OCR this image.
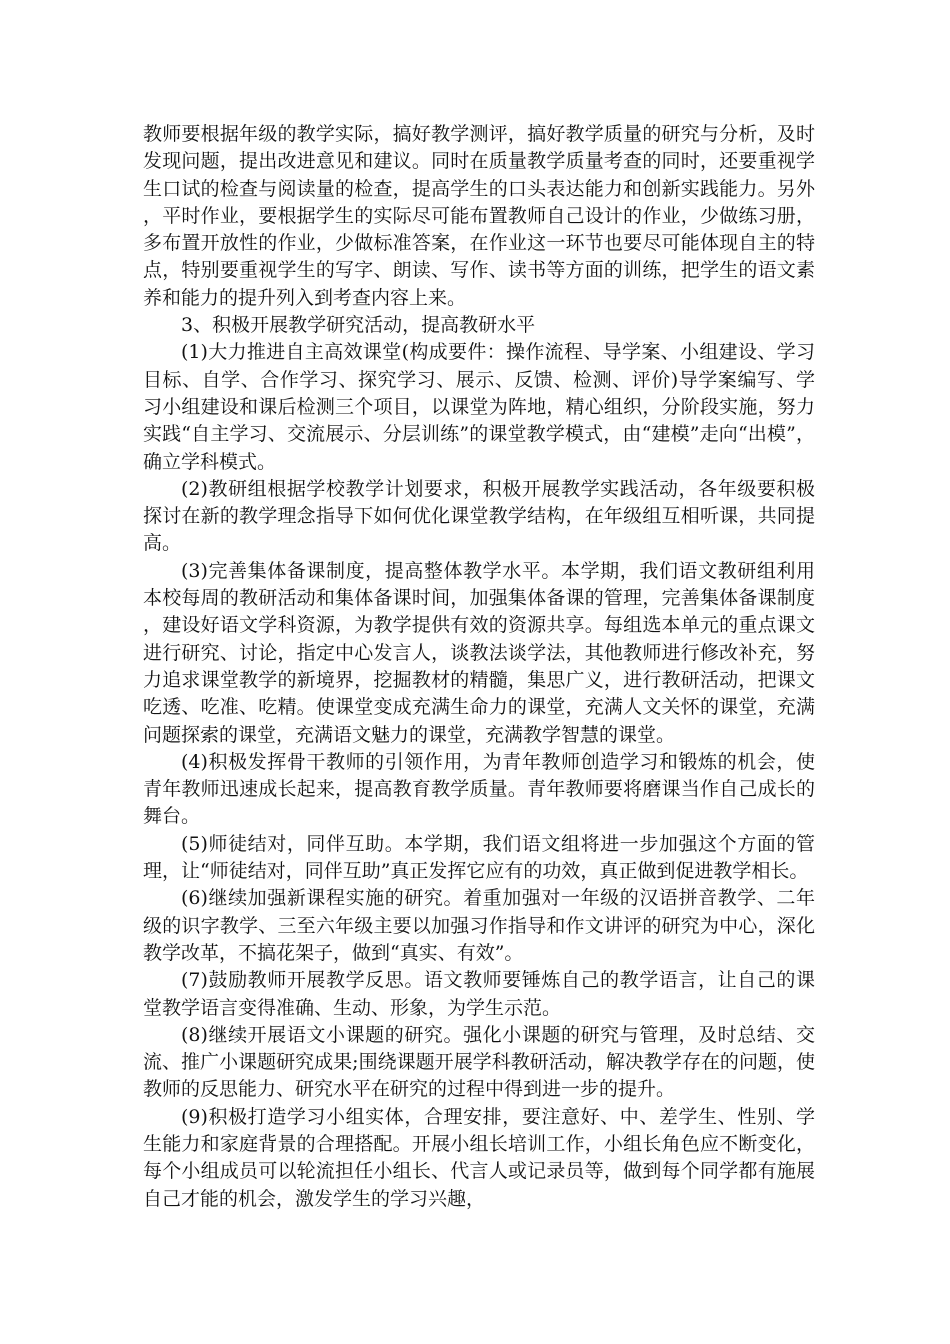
教师要根据年级的教学实际，搞好教学测评，搞好教学质量的研究与分析，及时发现问题，提出改进意见和建议。同时在质量教学质量考查的同时，还要重视学生口试的检查与阅读量的检查，提高学生的口头表达能力和创新实践能力。另外，平时作业，要根据学生的实际尽可能布置教师自己设计的作业，少做练习册，多布置开放性的作业，少做标准答案，在作业这一环节也要尽可能体现自主的特点，特别要重视学生的写字、朗读、写作、读书等方面的训练，把学生的语文素养和能力的提升列入到考查内容上来。

3、积极开展教学研究活动，提高教研水平

(1)大力推进自主高效课堂(构成要件：操作流程、导学案、小组建设、学习目标、自学、合作学习、探究学习、展示、反馈、检测、评价)导学案编写、学习小组建设和课后检测三个项目，以课堂为阵地，精心组织，分阶段实施，努力实践“自主学习、交流展示、分层训练”的课堂教学模式，由“建模”走向“出模”，确立学科模式。

(2)教研组根据学校教学计划要求，积极开展教学实践活动，各年级要积极探讨在新的教学理念指导下如何优化课堂教学结构，在年级组互相听课，共同提高。

(3)完善集体备课制度，提高整体教学水平。本学期，我们语文教研组利用本校每周的教研活动和集体备课时间，加强集体备课的管理，完善集体备课制度，建设好语文学科资源，为教学提供有效的资源共享。每组选本单元的重点课文进行研究、讨论，指定中心发言人，谈教法谈学法，其他教师进行修改补充，努力追求课堂教学的新境界，挖掘教材的精髓，集思广义，进行教研活动，把课文吃透、吃准、吃精。使课堂变成充满生命力的课堂，充满人文关怀的课堂，充满问题探索的课堂，充满语文魅力的课堂，充满教学智慧的课堂。

(4)积极发挥骨干教师的引领作用，为青年教师创造学习和锻炼的机会，使青年教师迅速成长起来，提高教育教学质量。青年教师要将磨课当作自己成长的舞台。

(5)师徒结对，同伴互助。本学期，我们语文组将进一步加强这个方面的管理，让“师徒结对，同伴互助”真正发挥它应有的功效，真正做到促进教学相长。

(6)继续加强新课程实施的研究。着重加强对一年级的汉语拼音教学、二年级的识字教学、三至六年级主要以加强习作指导和作文讲评的研究为中心，深化教学改革，不搞花架子，做到“真实、有效”。

(7)鼓励教师开展教学反思。语文教师要锤炼自己的教学语言，让自己的课堂教学语言变得准确、生动、形象，为学生示范。

(8)继续开展语文小课题的研究。强化小课题的研究与管理，及时总结、交流、推广小课题研究成果;围绕课题开展学科教研活动，解决教学存在的问题，使教师的反思能力、研究水平在研究的过程中得到进一步的提升。

(9)积极打造学习小组实体，合理安排，要注意好、中、差学生、性别、学生能力和家庭背景的合理搭配。开展小组长培训工作，小组长角色应不断变化，每个小组成员可以轮流担任小组长、代言人或记录员等，做到每个同学都有施展自己才能的机会，激发学生的学习兴趣，
